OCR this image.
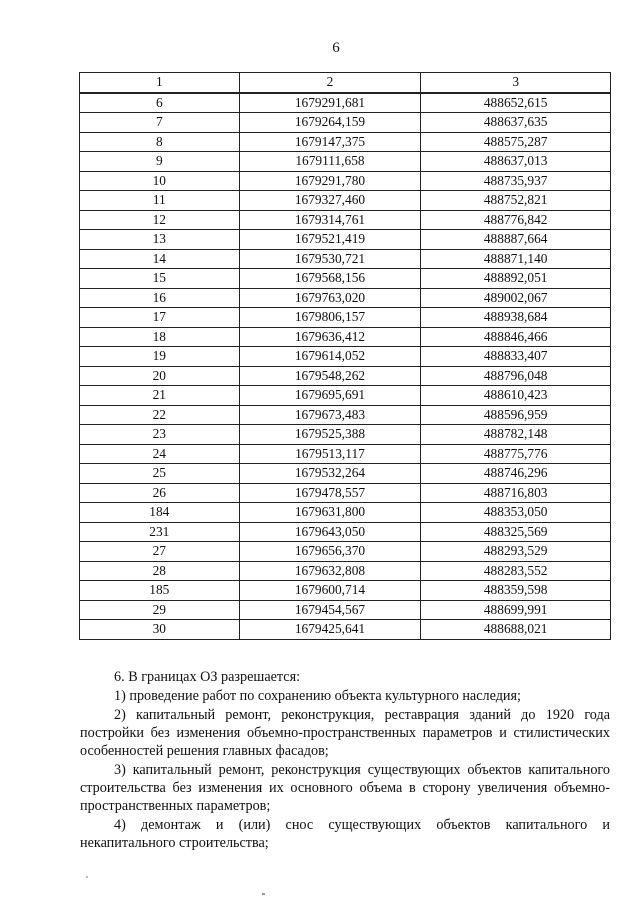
6
1	2	3
6	1679291,681	488652,615
7	1679264,159	488637,635
8	1679147,375	488575,287
9	1679111,658	488637,013
10	1679291,780	488735,937
11	1679327,460	488752,821
12	1679314,761	488776,842
13	1679521,419	488887,664
14	1679530,721	488871,140
15	1679568,156	488892,051
16	1679763,020	489002,067
17	1679806,157	488938,684
18	1679636,412	488846,466
19	1679614,052	488833,407
20	1679548,262	488796,048
21	1679695,691	488610,423
22	1679673,483	488596,959
23	1679525,388	488782,148
24	1679513,117	488775,776
25	1679532,264	488746,296
26	1679478,557	488716,803
184	1679631,800	488353,050
231	1679643,050	488325,569
27	1679656,370	488293,529
28	1679632,808	488283,552
185	1679600,714	488359,598
29	1679454,567	488699,991
30	1679425,641	488688,021

6. В границах ОЗ разрешается:

1) проведение работ по сохранению объекта культурного наследия;

2) капитальный ремонт, реконструкция, реставрация зданий до 1920 года постройки без изменения объемно-пространственных параметров и стилистических особенностей решения главных фасадов;

3) капитальный ремонт, реконструкция существующих объектов капитального строительства без изменения их основного объема в сторону увеличения объемно-пространственных параметров;

4) демонтаж и (или) снос существующих объектов капитального и некапитального строительства;
